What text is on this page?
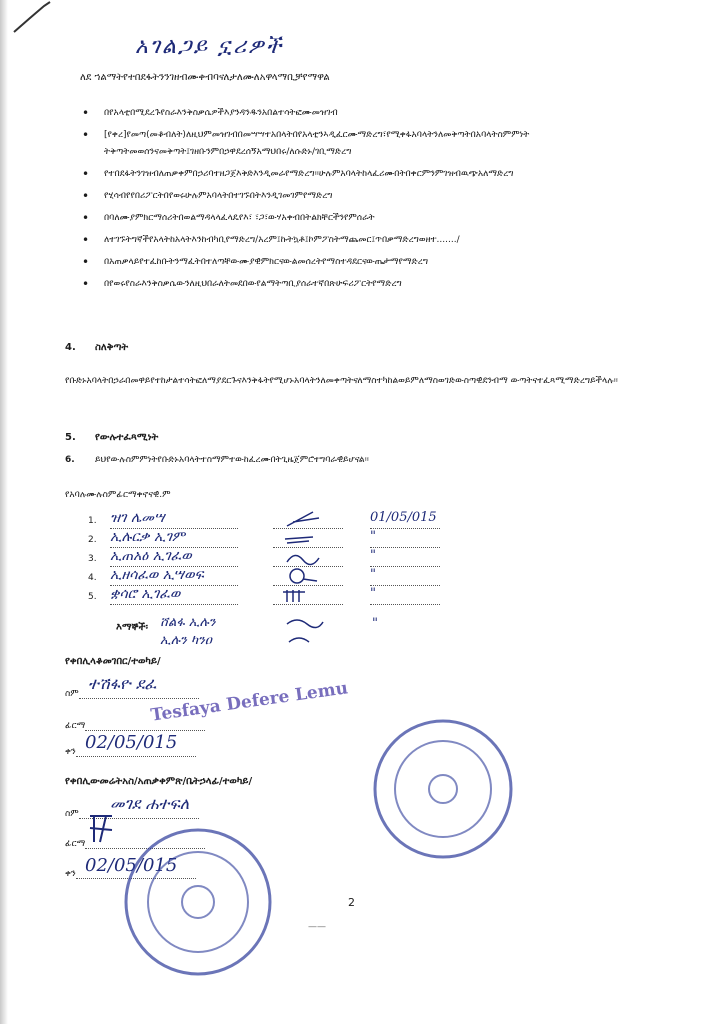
አገልጋይ ኗሪዎች
ለደ ኀልማትየተበደፋትንንገዘብሙቀብባናለታለሙለአዋላማቢቻየማዋል
• በየአላቲበሚደረጉየስራእንቅስቃሴዎችእያንዳንዱንአበልተሳትፎሙመዝገብ
• [የቀረ]የመጣ(መቆብለት)ለዚህምመዝገብበመሣሣተአበላትበየአላቲንኣዲፈርሙማድረግ፣የሚቀፋአባላትንለመቅጣትበአባላትስምምነት ትቅጣትመወሰንናመቅጣት፤ገዘቡንምበኃዋደረሰኝአማህበሩ/ለሱድኑ/ገቢማድረግ
• የተበደፋትንገዝብለጠቃቀምበኃሪባተዘጋጀእቅድእንዲመራየማድረግ፡፡ሁሉምአባላትከላፈሪሙበትበቀርምንምገዝብዉጭአለማድረግ
• የሂሳብየየበሪፖርትበየወሩሁሉምአባላትበተገኙበትእንዲገመገምየማድረግ
• በባለሙያምክርማሰሪትበወልማዳላላፈላዴየእ፣ ፣ጋ፣ውሃአቀብበትልክቸርችንየምሰራት
• ለተገኙትግኛችየአላትከአላትእንከብካቢየማድረግ/አረም፤ኩትኳቶ፤ኮምፖስትማጨመር፤ጥበቃማድረግወዘተ......./
• በአጠቃላይየተፈከቡትንማፈትበተለጣቸውሙያዊምክርናውልመሰረትየማስተዳደርናውጤታማየማድረግ
• በየወሩየስራእንቅስቃሴውንለዚህበራለትመደበውየልማትጣቢያሰራተኛበጽሁፍሪፖርትየማድረግ
4. ስለቅጣት
የቡድኑአባላትበኃራበመዋይየተከታልተሳትፎለማያደርጉናእንቅፋትየሚሆኑአባላትንለመቀጣትናለማስተካከልወይምለማስወገድውስጣዊደንብማ ውጣትናተፈጻሚማድረግይችላሉ፡፡
5. የውሉተፈጻሚነት
6. ይህየውሉስምምነትየቡድኑአባላትተስማምተውከፈረሙበትጊዜጀምሮተግባራዊይሆናል፡፡
የአባሉሙሉስምፊርማቀኖናዊ.ም
1. ዝገ ሌመሣ	01/05/015
2. ኢሉርቃ ኢገም	"
3. ኢጠአዕ ኢገፈወ	"
4. ኢዘሳፈወ ኢሣወፍ	"
5. ቋሳሮ ኢገፈወ	"
እማኞች፡ ሸልፋ ኢሉን
ኢሉን ካንዐ
"
የቀበሊላቆመገበር/ተወካይ/
ስም
ተሽፋዮ ደፈ
ፊርማ
ቀን 02/05/015
Tesfaya Defere Lemu
የቀበሊውመሬትአስ/አጠቃቀምጽ/ቤትኃላፊ/ተወካይ/
ስም
መገደ ሐተፍለ
ፊርማ
ቀን 02/05/015
2
——
